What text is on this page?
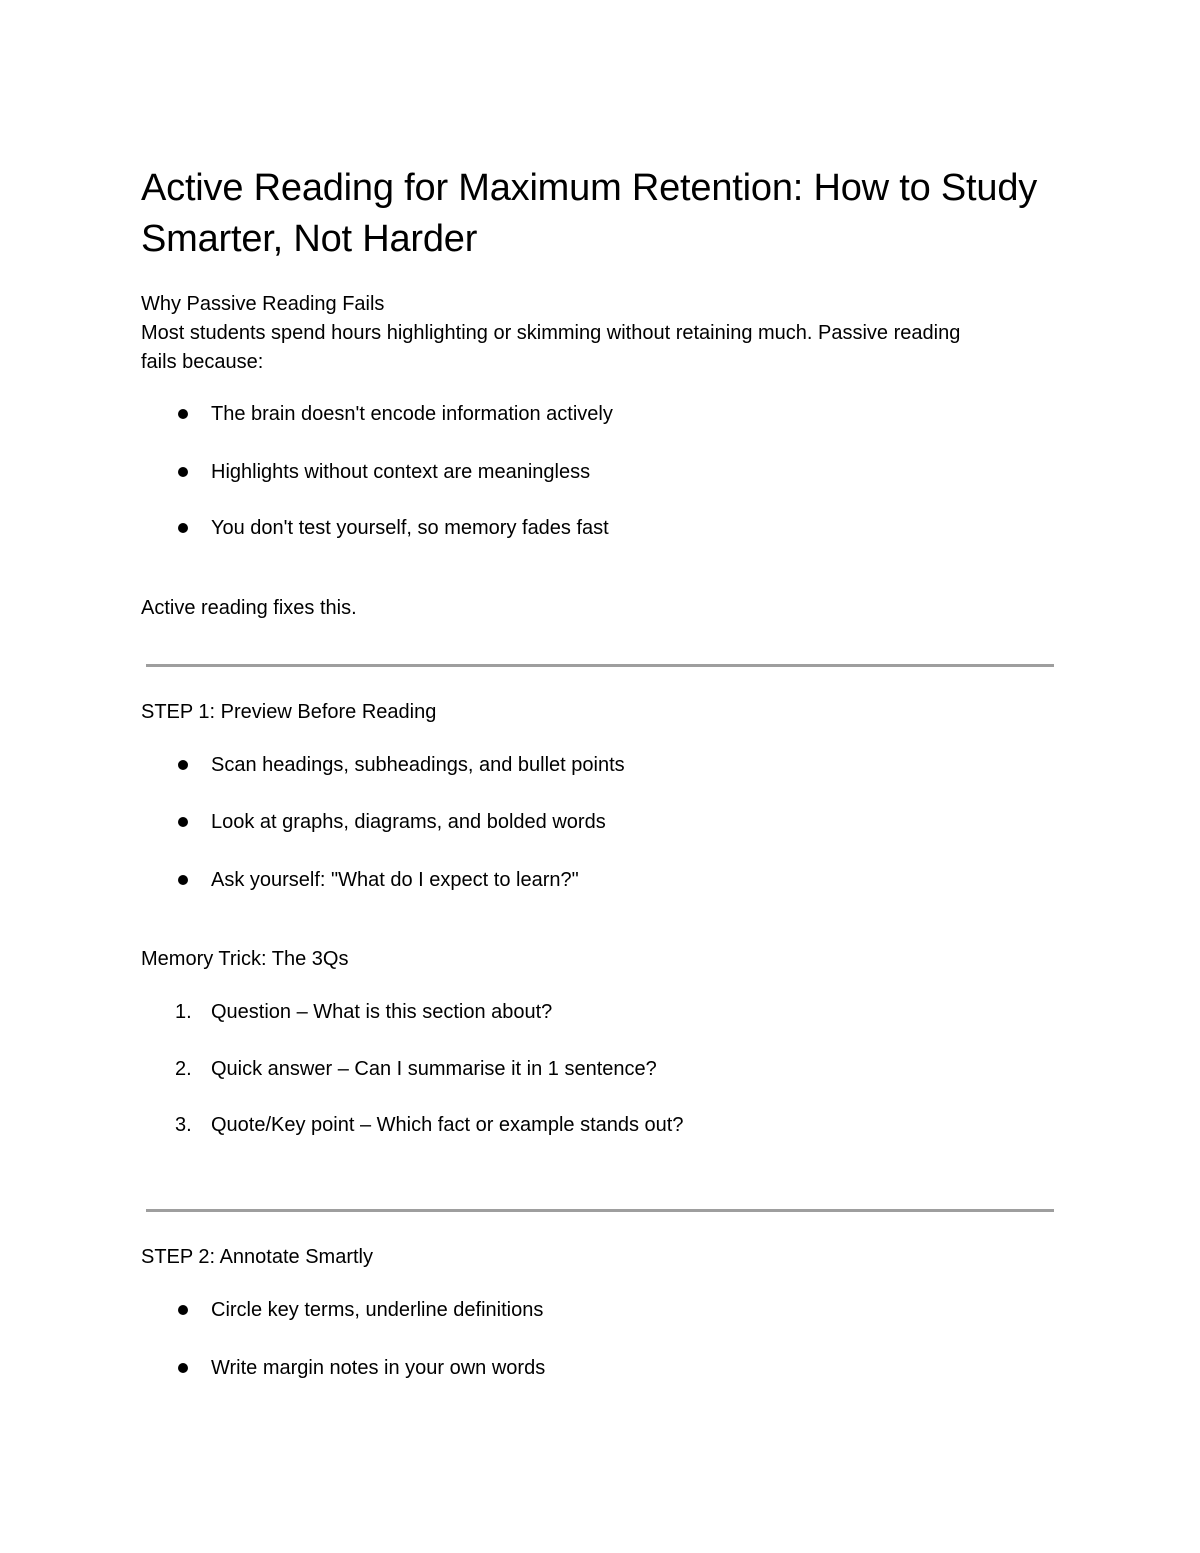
Active Reading for Maximum Retention: How to Study Smarter, Not Harder

Why Passive Reading Fails

Most students spend hours highlighting or skimming without retaining much. Passive reading
fails because:

The brain doesn't encode information actively
Highlights without context are meaningless
You don't test yourself, so memory fades fast

Active reading fixes this.

STEP 1: Preview Before Reading

Scan headings, subheadings, and bullet points
Look at graphs, diagrams, and bolded words
Ask yourself: "What do I expect to learn?"

Memory Trick: The 3Qs

1. Question – What is this section about?
2. Quick answer – Can I summarise it in 1 sentence?
3. Quote/Key point – Which fact or example stands out?

STEP 2: Annotate Smartly

Circle key terms, underline definitions
Write margin notes in your own words
